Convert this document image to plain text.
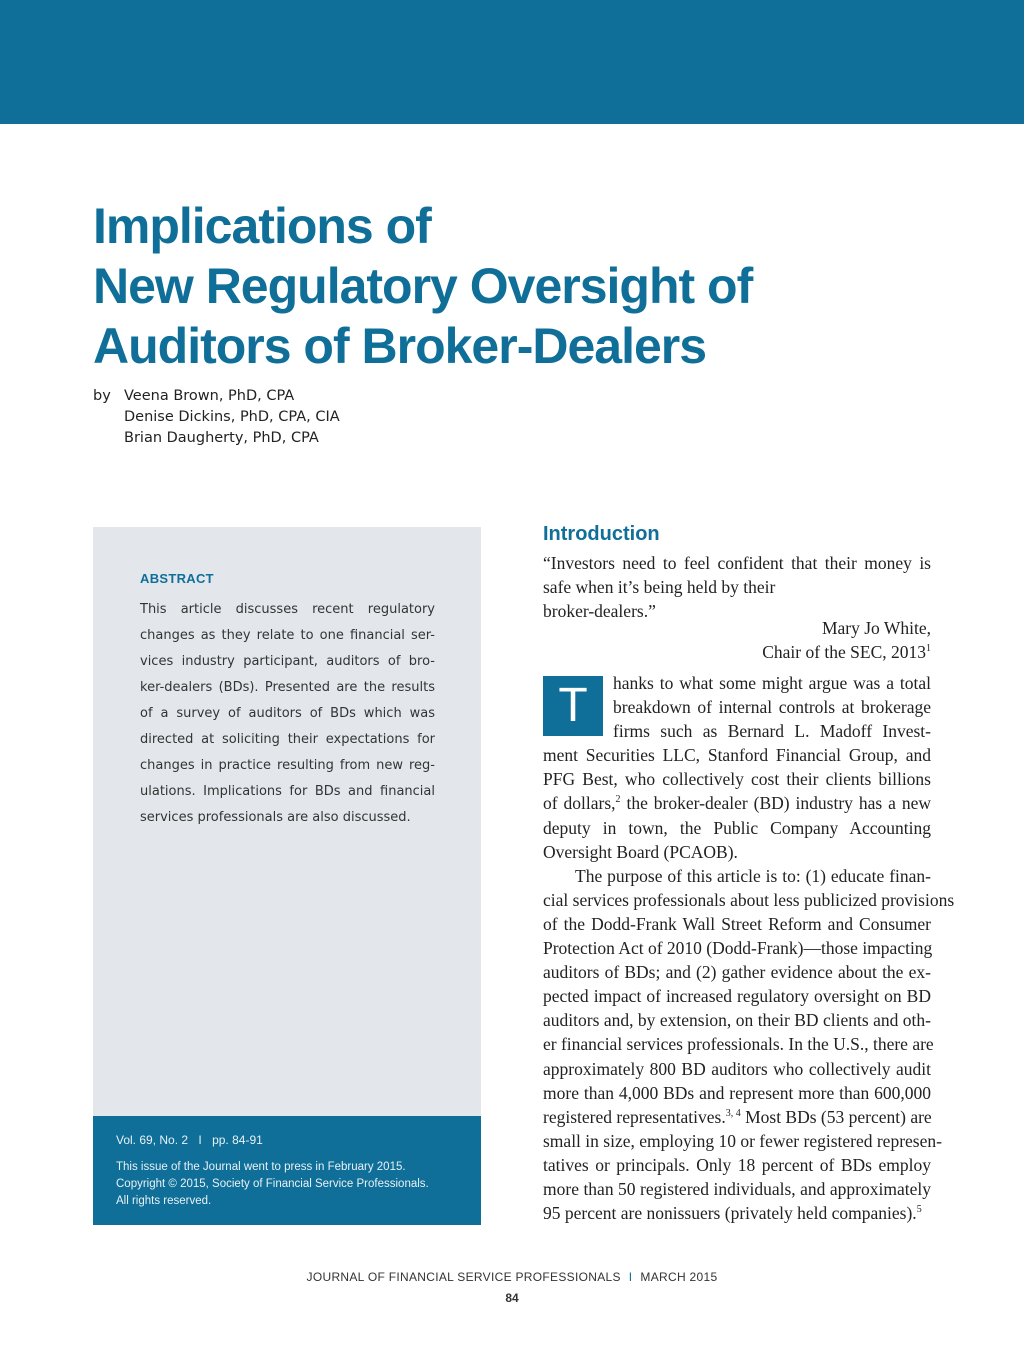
Implications of
New Regulatory Oversight of
Auditors of Broker-Dealers
by Veena Brown, PhD, CPA
Denise Dickins, PhD, CPA, CIA
Brian Daugherty, PhD, CPA
ABSTRACT
This article discusses recent regulatory
changes as they relate to one financial ser-
vices industry participant, auditors of bro-
ker-dealers (BDs). Presented are the results
of a survey of auditors of BDs which was
directed at soliciting their expectations for
changes in practice resulting from new reg-
ulations. Implications for BDs and financial
services professionals are also discussed.
Vol. 69, No. 2 I pp. 84-91
This issue of the Journal went to press in February 2015.
Copyright © 2015, Society of Financial Service Professionals.
All rights reserved.
Introduction
“Investors need to feel confident that their money is
safe when it’s being held by their
broker-dealers.”
Mary Jo White,
Chair of the SEC, 2013$^1$
T	hanks to what some might argue was a total
breakdown of internal controls at brokerage
firms such as Bernard L. Madoff Invest-
ment Securities LLC, Stanford Financial Group, and
PFG Best, who collectively cost their clients billions
of dollars,$^2$ the broker-dealer (BD) industry has a new
deputy in town, the Public Company Accounting
Oversight Board (PCAOB).
The purpose of this article is to: (1) educate finan-
cial services professionals about less publicized provisions
of the Dodd-Frank Wall Street Reform and Consumer
Protection Act of 2010 (Dodd-Frank)—those impacting
auditors of BDs; and (2) gather evidence about the ex-
pected impact of increased regulatory oversight on BD
auditors and, by extension, on their BD clients and oth-
er financial services professionals. In the U.S., there are
approximately 800 BD auditors who collectively audit
more than 4,000 BDs and represent more than 600,000
registered representatives.$^{3, 4}$ Most BDs (53 percent) are
small in size, employing 10 or fewer registered represen-
tatives or principals. Only 18 percent of BDs employ
more than 50 registered individuals, and approximately
95 percent are nonissuers (privately held companies).$^5$
JOURNAL OF FINANCIAL SERVICE PROFESSIONALS I MARCH 2015
84
